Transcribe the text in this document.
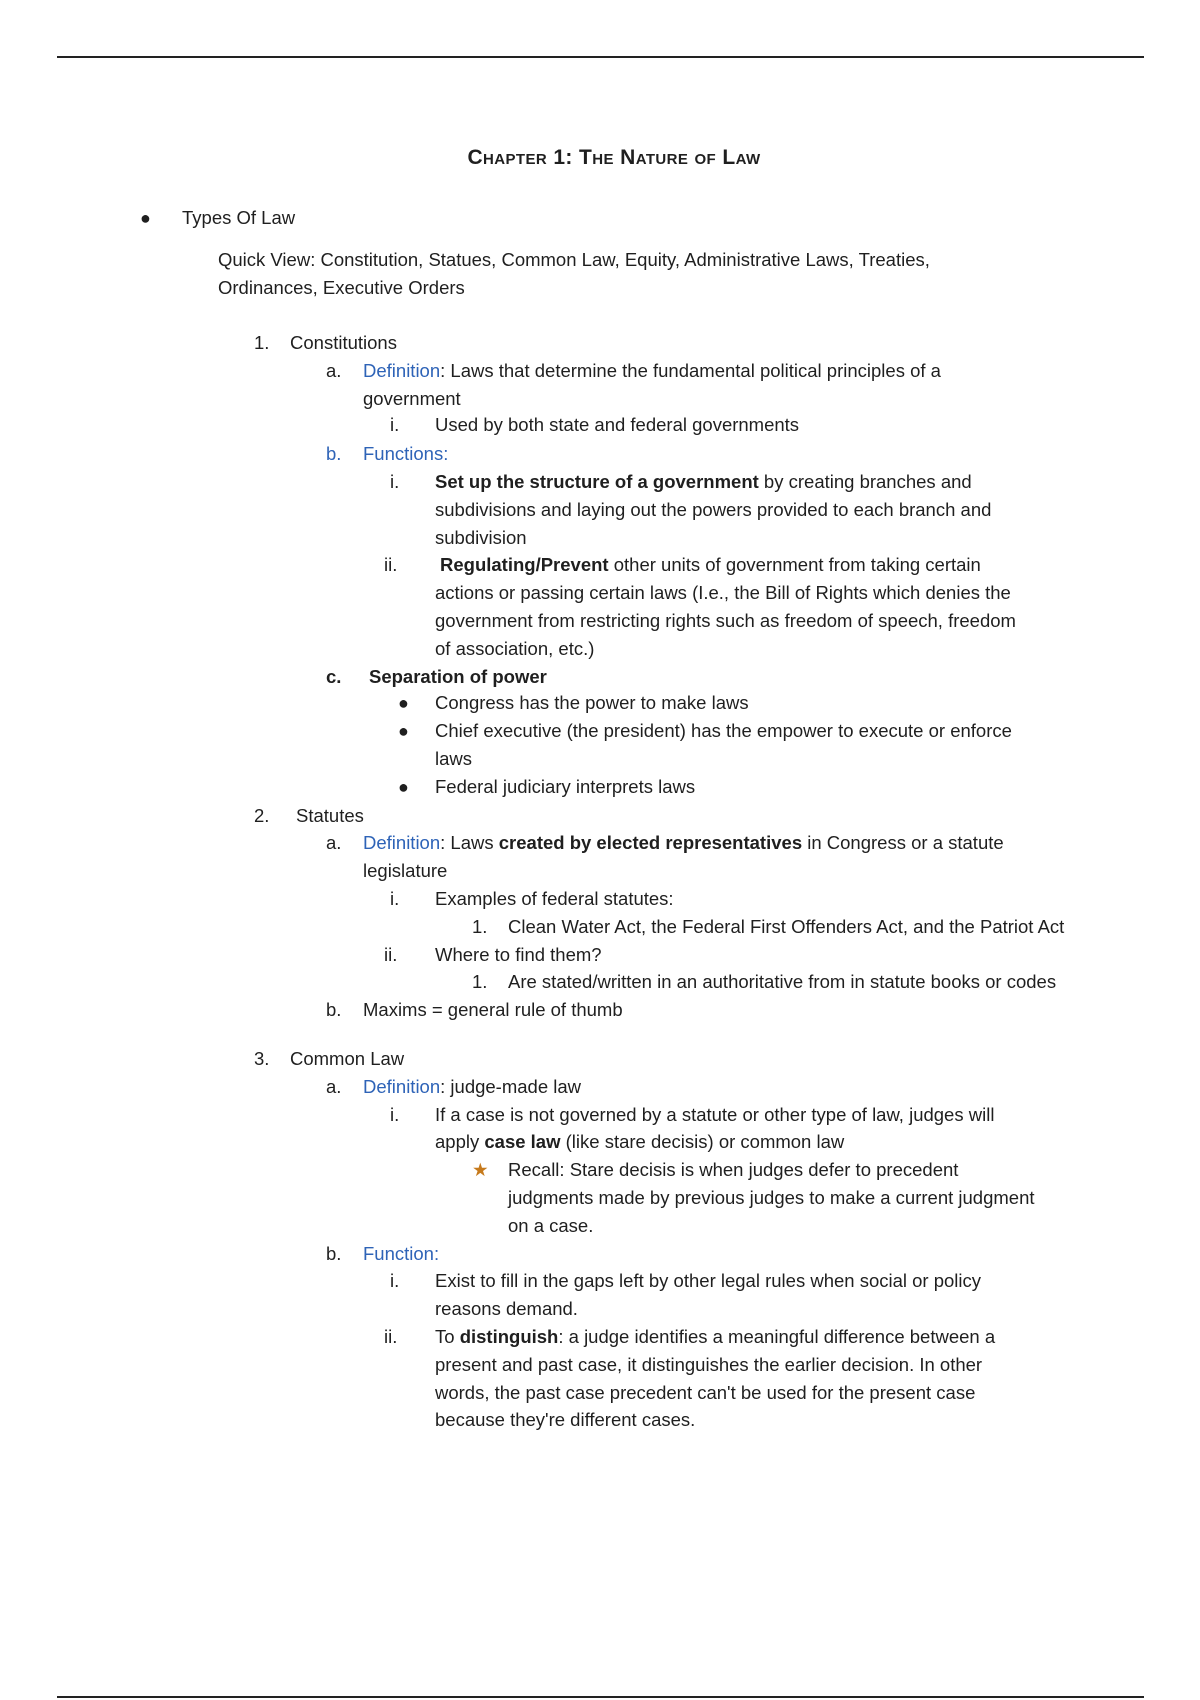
Chapter 1: The Nature of Law
● Types Of Law
Quick View: Constitution, Statues, Common Law, Equity, Administrative Laws, Treaties,
Ordinances, Executive Orders
1. Constitutions
a. Definition: Laws that determine the fundamental political principles of a
government
i. Used by both state and federal governments
b. Functions:
i. Set up the structure of a government by creating branches and
subdivisions and laying out the powers provided to each branch and
subdivision
ii. Regulating/Prevent other units of government from taking certain
actions or passing certain laws (I.e., the Bill of Rights which denies the
government from restricting rights such as freedom of speech, freedom
of association, etc.)
c. Separation of power
● Congress has the power to make laws
● Chief executive (the president) has the empower to execute or enforce
laws
● Federal judiciary interprets laws
2. Statutes
a. Definition: Laws created by elected representatives in Congress or a statute
legislature
i. Examples of federal statutes:
1. Clean Water Act, the Federal First Offenders Act, and the Patriot Act
ii. Where to find them?
1. Are stated/written in an authoritative from in statute books or codes
b. Maxims = general rule of thumb
3. Common Law
a. Definition: judge-made law
i. If a case is not governed by a statute or other type of law, judges will
apply case law (like stare decisis) or common law
★ Recall: Stare decisis is when judges defer to precedent
judgments made by previous judges to make a current judgment
on a case.
b. Function:
i. Exist to fill in the gaps left by other legal rules when social or policy
reasons demand.
ii. To distinguish: a judge identifies a meaningful difference between a
present and past case, it distinguishes the earlier decision. In other
words, the past case precedent can't be used for the present case
because they're different cases.
